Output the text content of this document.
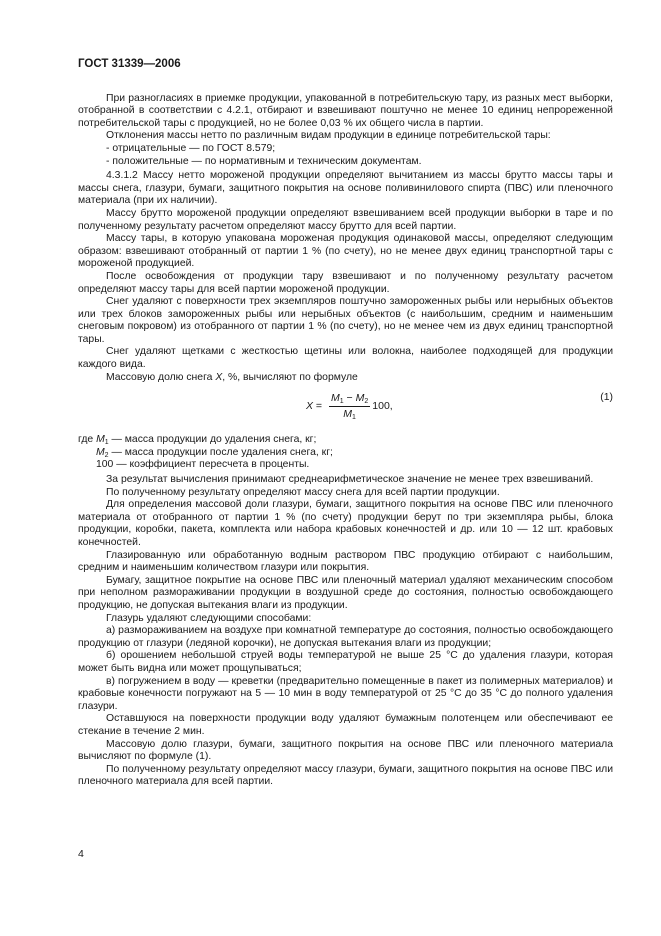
ГОСТ 31339—2006

При разногласиях в приемке продукции, упакованной в потребительскую тару, из разных мест выборки, отобранной в соответствии с 4.2.1, отбирают и взвешивают поштучно не менее 10 единиц непрореженной потребительской тары с продукцией, но не более 0,03 % их общего числа в партии.

Отклонения массы нетто по различным видам продукции в единице потребительской тары:

- отрицательные — по ГОСТ 8.579;

- положительные — по нормативным и техническим документам.

4.3.1.2 Массу нетто мороженой продукции определяют вычитанием из массы брутто массы тары и массы снега, глазури, бумаги, защитного покрытия на основе поливинилового спирта (ПВС) или пленочного материала (при их наличии).

Массу брутто мороженой продукции определяют взвешиванием всей продукции выборки в таре и по полученному результату расчетом определяют массу брутто для всей партии.

Массу тары, в которую упакована мороженая продукция одинаковой массы, определяют следующим образом: взвешивают отобранный от партии 1 % (по счету), но не менее двух единиц транспортной тары с мороженой продукцией.

После освобождения от продукции тару взвешивают и по полученному результату расчетом определяют массу тары для всей партии мороженой продукции.

Снег удаляют с поверхности трех экземпляров поштучно замороженных рыбы или нерыбных объектов или трех блоков замороженных рыбы или нерыбных объектов (с наибольшим, средним и наименьшим снеговым покровом) из отобранного от партии 1 % (по счету), но не менее чем из двух единиц транспортной тары.

Снег удаляют щетками с жесткостью щетины или волокна, наиболее подходящей для продукции каждого вида.

Массовую долю снега X, %, вычисляют по формуле

$X = \frac{M_1 - M_2}{M_1} 100$,
(1)

где $M_1$ — масса продукции до удаления снега, кг;

$M_2$ — масса продукции после удаления снега, кг;

100 — коэффициент пересчета в проценты.

За результат вычисления принимают среднеарифметическое значение не менее трех взвешиваний.

По полученному результату определяют массу снега для всей партии продукции.

Для определения массовой доли глазури, бумаги, защитного покрытия на основе ПВС или пленочного материала от отобранного от партии 1 % (по счету) продукции берут по три экземпляра рыбы, блока продукции, коробки, пакета, комплекта или набора крабовых конечностей и др. или 10 — 12 шт. крабовых конечностей.

Глазированную или обработанную водным раствором ПВС продукцию отбирают с наибольшим, средним и наименьшим количеством глазури или покрытия.

Бумагу, защитное покрытие на основе ПВС или пленочный материал удаляют механическим способом при неполном размораживании продукции в воздушной среде до состояния, полностью освобождающего продукцию, не допуская вытекания влаги из продукции.

Глазурь удаляют следующими способами:

а) размораживанием на воздухе при комнатной температуре до состояния, полностью освобождающего продукцию от глазури (ледяной корочки), не допуская вытекания влаги из продукции;

б) орошением небольшой струей воды температурой не выше 25 °С до удаления глазури, которая может быть видна или может прощупываться;

в) погружением в воду — креветки (предварительно помещенные в пакет из полимерных материалов) и крабовые конечности погружают на 5 — 10 мин в воду температурой от 25 °С до 35 °С до полного удаления глазури.

Оставшуюся на поверхности продукции воду удаляют бумажным полотенцем или обеспечивают ее стекание в течение 2 мин.

Массовую долю глазури, бумаги, защитного покрытия на основе ПВС или пленочного материала вычисляют по формуле (1).

По полученному результату определяют массу глазури, бумаги, защитного покрытия на основе ПВС или пленочного материала для всей партии.

4
